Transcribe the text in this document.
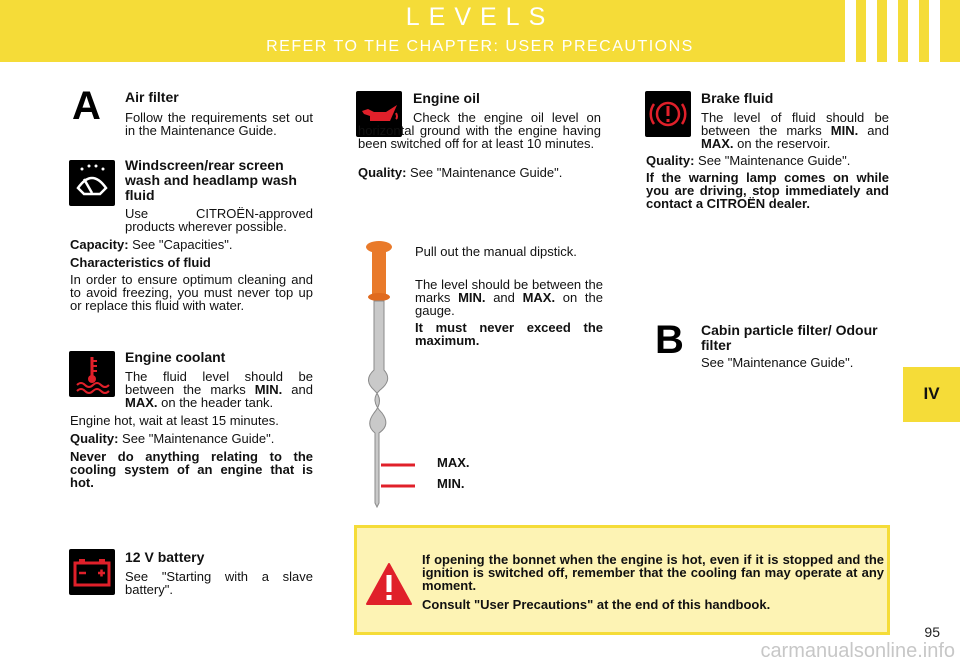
LEVELS
REFER TO THE CHAPTER: USER PRECAUTIONS
IV
A Air filter
Follow the requirements set out in the Maintenance Guide.
Windscreen/rear screen wash and headlamp wash fluid
Use CITROËN-approved products wherever possible.
Capacity: See "Capacities".
Characteristics of fluid
In order to ensure optimum cleaning and to avoid freezing, you must never top up or replace this fluid with water.
Engine coolant
The fluid level should be between the marks MIN. and MAX. on the header tank.
Engine hot, wait at least 15 minutes.
Quality: See "Maintenance Guide".
Never do anything relating to the cooling system of an engine that is hot.
12 V battery
See "Starting with a slave battery".
Engine oil
Check the engine oil level on horizontal ground with the engine having been switched off for at least 10 minutes.
Quality: See "Maintenance Guide".
MAX.
MIN.
Pull out the manual dipstick.
The level should be between the marks MIN. and MAX. on the gauge.
It must never exceed the maximum.
Brake fluid
The level of fluid should be between the marks MIN. and MAX. on the reservoir.
Quality: See "Maintenance Guide".
If the warning lamp comes on while you are driving, stop immediately and contact a CITROËN dealer.
B Cabin particle filter/ Odour filter
See "Maintenance Guide".
If opening the bonnet when the engine is hot, even if it is stopped and the ignition is switched off, remember that the cooling fan may operate at any moment.
Consult "User Precautions" at the end of this handbook.
95
carmanualsonline.info
